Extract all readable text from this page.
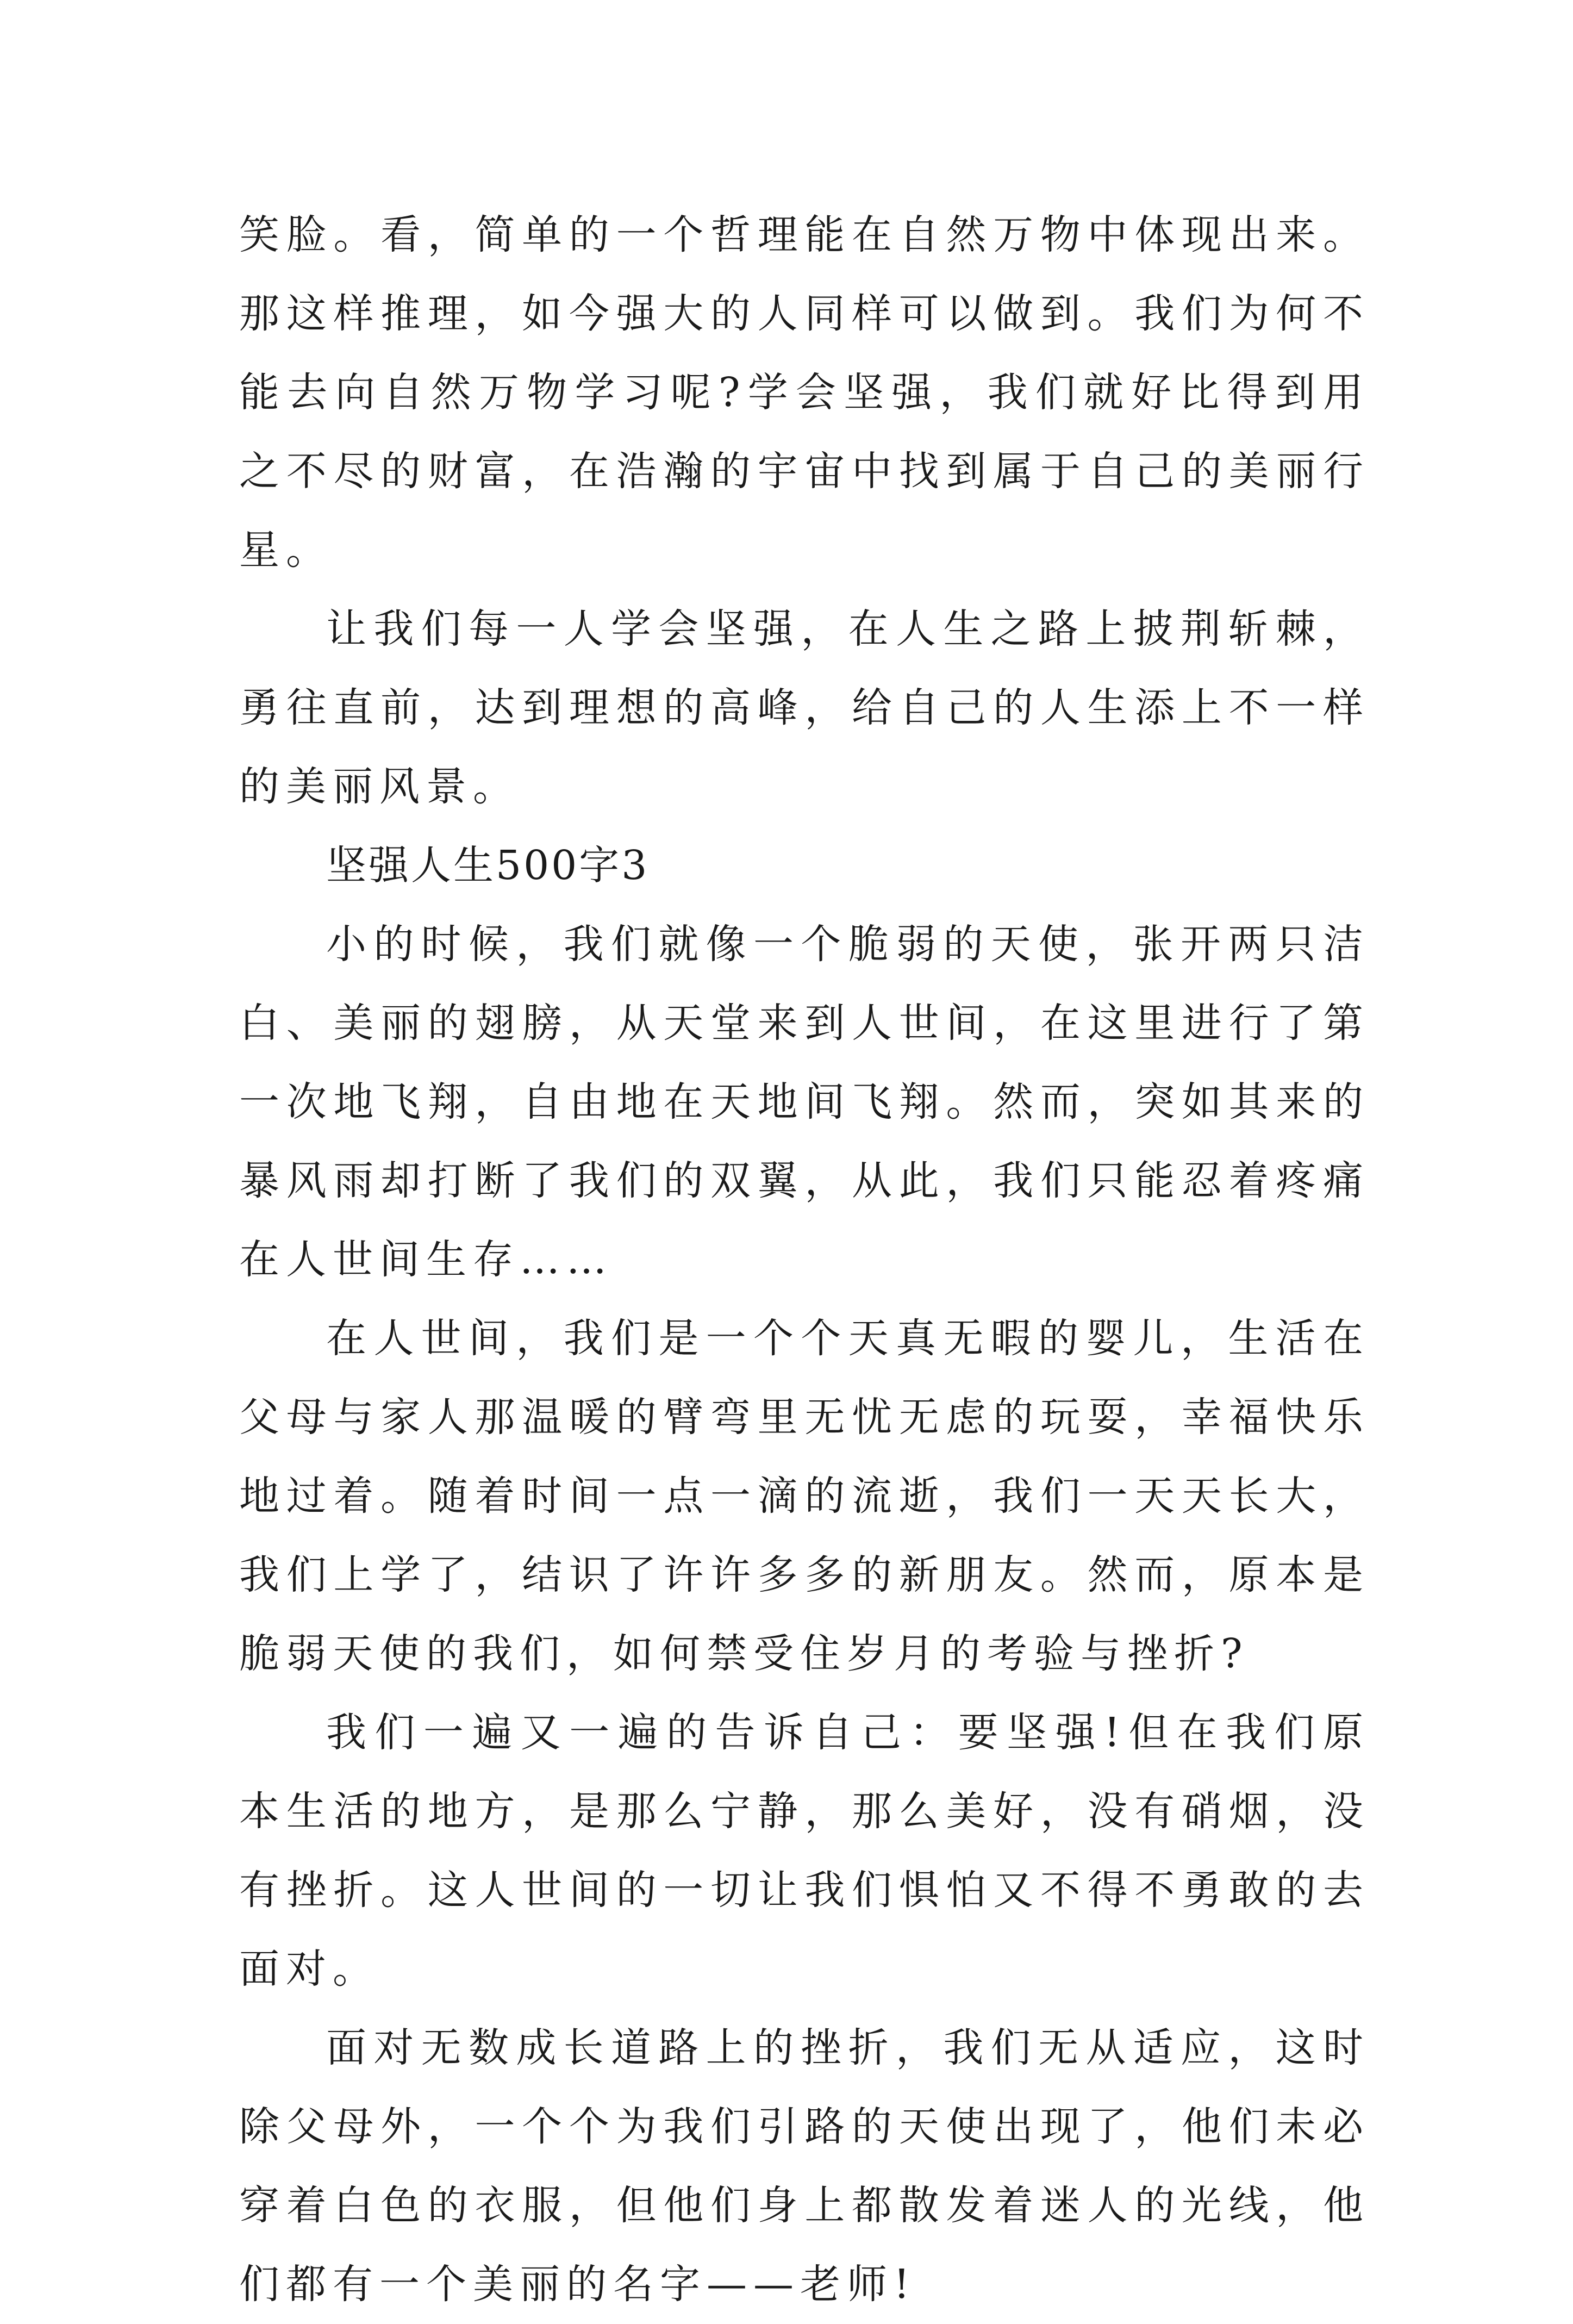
笑脸。看，简单的一个哲理能在自然万物中体现出来。那这样推理，如今强大的人同样可以做到。我们为何不能去向自然万物学习呢?学会坚强，我们就好比得到用之不尽的财富，在浩瀚的宇宙中找到属于自己的美丽行星。

让我们每一人学会坚强，在人生之路上披荆斩棘，勇往直前，达到理想的高峰，给自己的人生添上不一样的美丽风景。

坚强人生500字3

小的时候，我们就像一个脆弱的天使，张开两只洁白、美丽的翅膀，从天堂来到人世间，在这里进行了第一次地飞翔，自由地在天地间飞翔。然而，突如其来的暴风雨却打断了我们的双翼，从此，我们只能忍着疼痛在人世间生存……

在人世间，我们是一个个天真无暇的婴儿，生活在父母与家人那温暖的臂弯里无忧无虑的玩耍，幸福快乐地过着。随着时间一点一滴的流逝，我们一天天长大，我们上学了，结识了许许多多的新朋友。然而，原本是脆弱天使的我们，如何禁受住岁月的考验与挫折?

我们一遍又一遍的告诉自己：要坚强!但在我们原本生活的地方，是那么宁静，那么美好，没有硝烟，没有挫折。这人世间的一切让我们惧怕又不得不勇敢的去面对。

面对无数成长道路上的挫折，我们无从适应，这时除父母外，一个个为我们引路的天使出现了，他们未必穿着白色的衣服，但他们身上都散发着迷人的光线，他们都有一个美丽的名字——老师!
